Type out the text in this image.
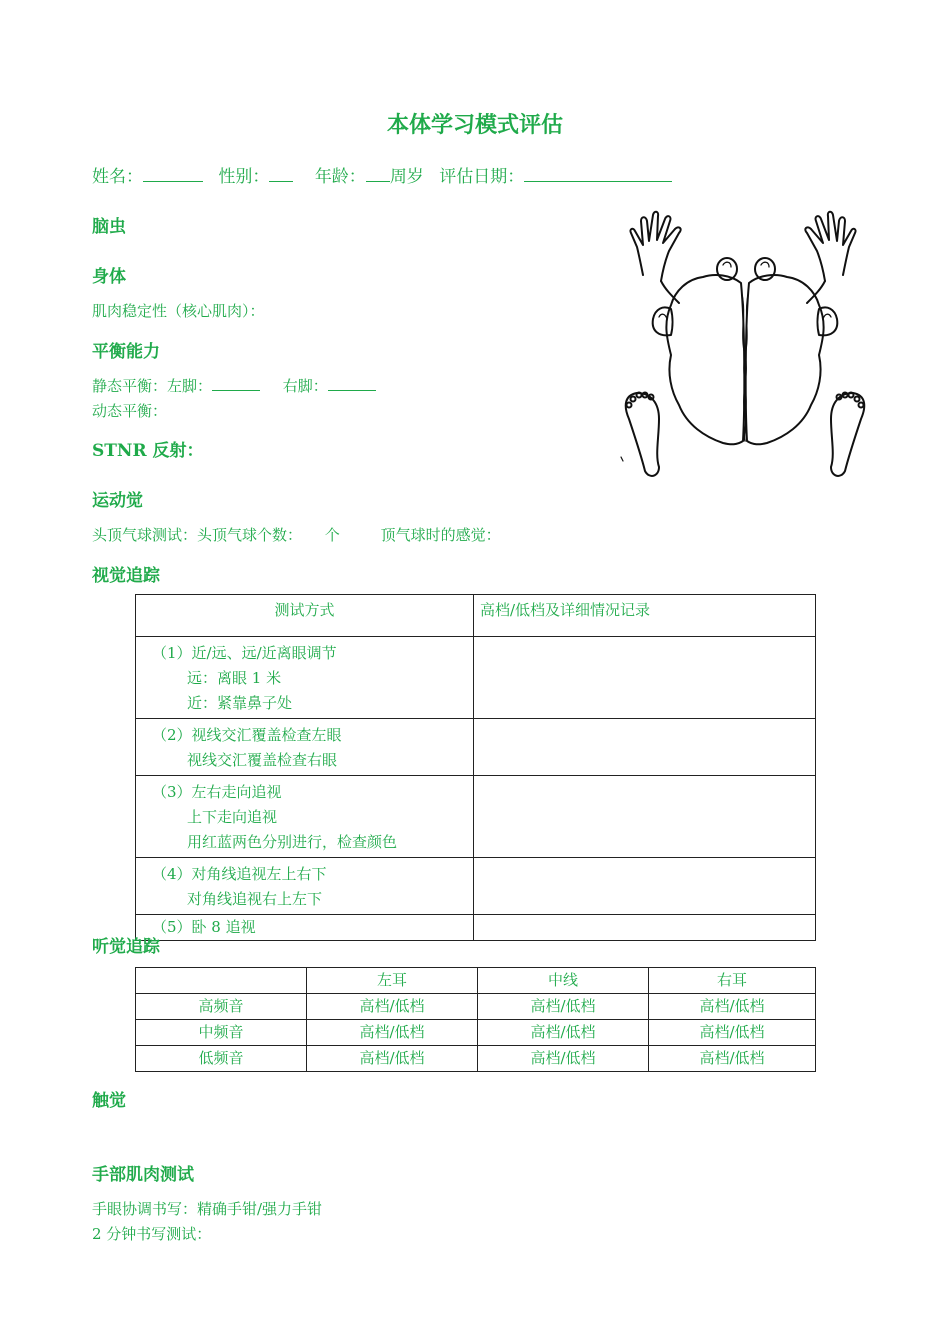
本体学习模式评估
姓名：	性别：	年龄： 周岁 评估日期：
脑虫
身体
肌肉稳定性（核心肌肉）：
平衡能力
静态平衡：左脚：	右脚：
动态平衡：
STNR 反射：
运动觉
头顶气球测试：头顶气球个数： 个	顶气球时的感觉：
视觉追踪
测试方式	高档/低档及详细情况记录

（1）近/远、远/近离眼调节
远：离眼 1 米
近：紧靠鼻子处	

（2）视线交汇覆盖检查左眼
视线交汇覆盖检查右眼	

（3）左右走向追视
上下走向追视
用红蓝两色分别进行，检查颜色	

（4）对角线追视左上右下
对角线追视右上左下	

（5）卧 8 追视	

听觉追踪
	左耳	中线	右耳
高频音	高档/低档	高档/低档	高档/低档
中频音	高档/低档	高档/低档	高档/低档
低频音	高档/低档	高档/低档	高档/低档
触觉
手部肌肉测试
手眼协调书写：精确手钳/强力手钳
2 分钟书写测试：
